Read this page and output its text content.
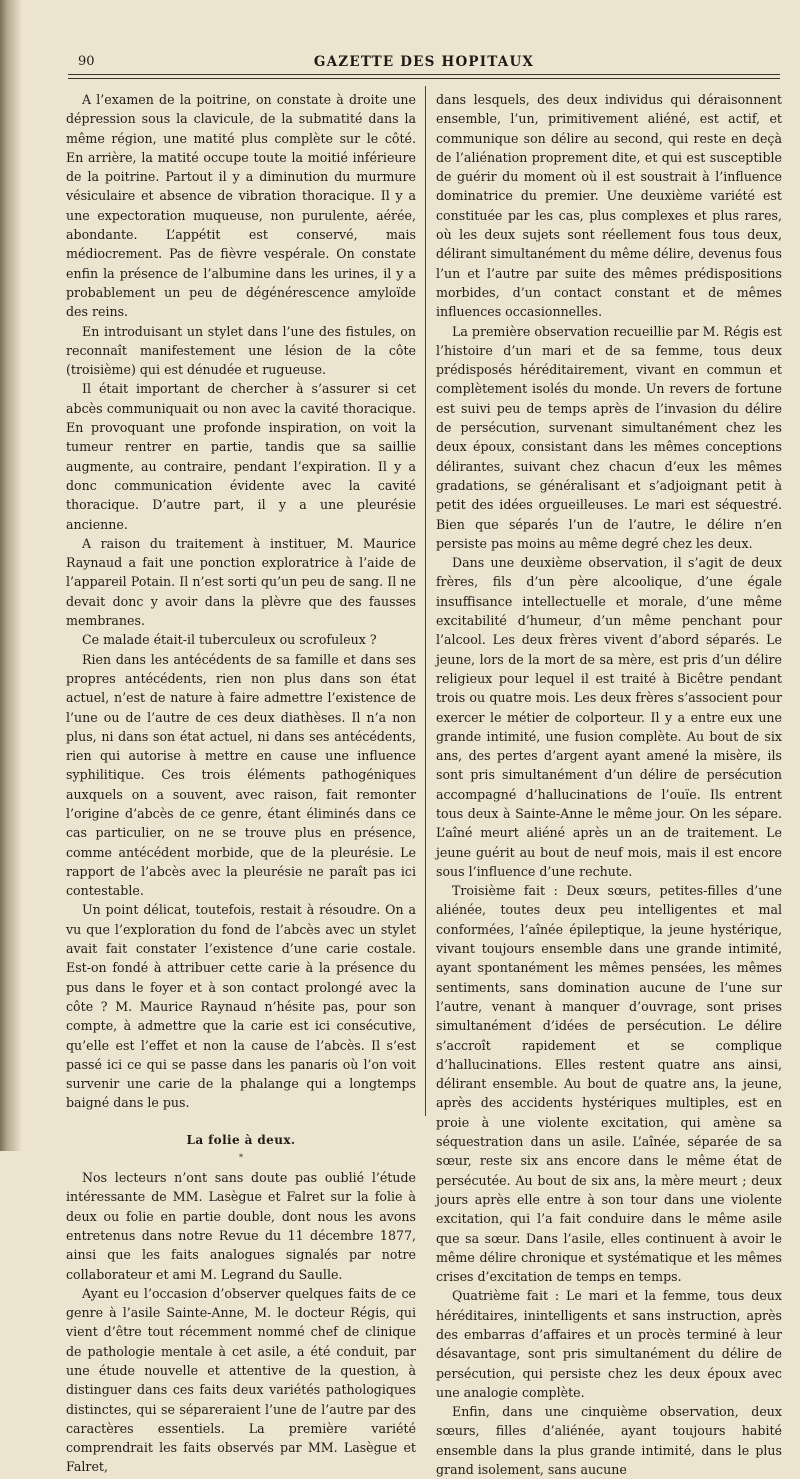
90	GAZETTE DES HOPITAUX

A l’examen de la poitrine, on constate à droite une dépression sous la clavicule, de la submatité dans la même région, une matité plus complète sur le côté. En arrière, la matité occupe toute la moitié inférieure de la poitrine. Partout il y a diminution du murmure vésiculaire et absence de vibration thoracique. Il y a une expectoration muqueuse, non purulente, aérée, abondante. L’appétit est conservé, mais médiocrement. Pas de fièvre vespérale. On constate enfin la présence de l’albumine dans les urines, il y a probablement un peu de dégénérescence amyloïde des reins.

En introduisant un stylet dans l’une des fistules, on reconnaît manifestement une lésion de la côte (troisième) qui est dénudée et rugueuse.

Il était important de chercher à s’assurer si cet abcès communiquait ou non avec la cavité thoracique. En provoquant une profonde inspiration, on voit la tumeur rentrer en partie, tandis que sa saillie augmente, au contraire, pendant l’expiration. Il y a donc communication évidente avec la cavité thoracique. D’autre part, il y a une pleurésie ancienne.

A raison du traitement à instituer, M. Maurice Raynaud a fait une ponction exploratrice à l’aide de l’appareil Potain. Il n’est sorti qu’un peu de sang. Il ne devait donc y avoir dans la plèvre que des fausses membranes.

Ce malade était-il tuberculeux ou scrofuleux ?

Rien dans les antécédents de sa famille et dans ses propres antécédents, rien non plus dans son état actuel, n’est de nature à faire admettre l’existence de l’une ou de l’autre de ces deux diathèses. Il n’a non plus, ni dans son état actuel, ni dans ses antécédents, rien qui autorise à mettre en cause une influence syphilitique. Ces trois éléments pathogéniques auxquels on a souvent, avec raison, fait remonter l’origine d’abcès de ce genre, étant éliminés dans ce cas particulier, on ne se trouve plus en présence, comme antécédent morbide, que de la pleurésie. Le rapport de l’abcès avec la pleurésie ne paraît pas ici contestable.

Un point délicat, toutefois, restait à résoudre. On a vu que l’exploration du fond de l’abcès avec un stylet avait fait constater l’existence d’une carie costale. Est-on fondé à attribuer cette carie à la présence du pus dans le foyer et à son contact prolongé avec la côte ? M. Maurice Raynaud n’hésite pas, pour son compte, à admettre que la carie est ici consécutive, qu’elle est l’effet et non la cause de l’abcès. Il s’est passé ici ce qui se passe dans les panaris où l’on voit survenir une carie de la phalange qui a longtemps baigné dans le pus.

La folie à deux.
*

Nos lecteurs n’ont sans doute pas oublié l’étude intéressante de MM. Lasègue et Falret sur la folie à deux ou folie en partie double, dont nous les avons entretenus dans notre Revue du 11 décembre 1877, ainsi que les faits analogues signalés par notre collaborateur et ami M. Legrand du Saulle.

Ayant eu l’occasion d’observer quelques faits de ce genre à l’asile Sainte-Anne, M. le docteur Régis, qui vient d’être tout récemment nommé chef de clinique de pathologie mentale à cet asile, a été conduit, par une étude nouvelle et attentive de la question, à distinguer dans ces faits deux variétés pathologiques distinctes, qui se sépareraient l’une de l’autre par des caractères essentiels. La première variété comprendrait les faits observés par MM. Lasègue et Falret,

dans lesquels, des deux individus qui déraisonnent ensemble, l’un, primitivement aliéné, est actif, et communique son délire au second, qui reste en deçà de l’aliénation proprement dite, et qui est susceptible de guérir du moment où il est soustrait à l’influence dominatrice du premier. Une deuxième variété est constituée par les cas, plus complexes et plus rares, où les deux sujets sont réellement fous tous deux, délirant simultanément du même délire, devenus fous l’un et l’autre par suite des mêmes prédispositions morbides, d’un contact constant et de mêmes influences occasionnelles.

La première observation recueillie par M. Régis est l’histoire d’un mari et de sa femme, tous deux prédisposés héréditairement, vivant en commun et complètement isolés du monde. Un revers de fortune est suivi peu de temps après de l’invasion du délire de persécution, survenant simultanément chez les deux époux, consistant dans les mêmes conceptions délirantes, suivant chez chacun d’eux les mêmes gradations, se généralisant et s’adjoignant petit à petit des idées orgueilleuses. Le mari est séquestré. Bien que séparés l’un de l’autre, le délire n’en persiste pas moins au même degré chez les deux.

Dans une deuxième observation, il s’agit de deux frères, fils d’un père alcoolique, d’une égale insuffisance intellectuelle et morale, d’une même excitabilité d’humeur, d’un même penchant pour l’alcool. Les deux frères vivent d’abord séparés. Le jeune, lors de la mort de sa mère, est pris d’un délire religieux pour lequel il est traité à Bicêtre pendant trois ou quatre mois. Les deux frères s’associent pour exercer le métier de colporteur. Il y a entre eux une grande intimité, une fusion complète. Au bout de six ans, des pertes d’argent ayant amené la misère, ils sont pris simultanément d’un délire de persécution accompagné d’hallucinations de l’ouïe. Ils entrent tous deux à Sainte-Anne le même jour. On les sépare. L’aîné meurt aliéné après un an de traitement. Le jeune guérit au bout de neuf mois, mais il est encore sous l’influence d’une rechute.

Troisième fait : Deux sœurs, petites-filles d’une aliénée, toutes deux peu intelligentes et mal conformées, l’aînée épileptique, la jeune hystérique, vivant toujours ensemble dans une grande intimité, ayant spontanément les mêmes pensées, les mêmes sentiments, sans domination aucune de l’une sur l’autre, venant à manquer d’ouvrage, sont prises simultanément d’idées de persécution. Le délire s’accroît rapidement et se complique d’hallucinations. Elles restent quatre ans ainsi, délirant ensemble. Au bout de quatre ans, la jeune, après des accidents hystériques multiples, est en proie à une violente excitation, qui amène sa séquestration dans un asile. L’aînée, séparée de sa sœur, reste six ans encore dans le même état de persécutée. Au bout de six ans, la mère meurt ; deux jours après elle entre à son tour dans une violente excitation, qui l’a fait conduire dans le même asile que sa sœur. Dans l’asile, elles continuent à avoir le même délire chronique et systématique et les mêmes crises d’excitation de temps en temps.

Quatrième fait : Le mari et la femme, tous deux héréditaires, inintelligents et sans instruction, après des embarras d’affaires et un procès terminé à leur désavantage, sont pris simultanément du délire de persécution, qui persiste chez les deux époux avec une analogie complète.

Enfin, dans une cinquième observation, deux sœurs, filles d’aliénée, ayant toujours habité ensemble dans la plus grande intimité, dans le plus grand isolement, sans aucune
